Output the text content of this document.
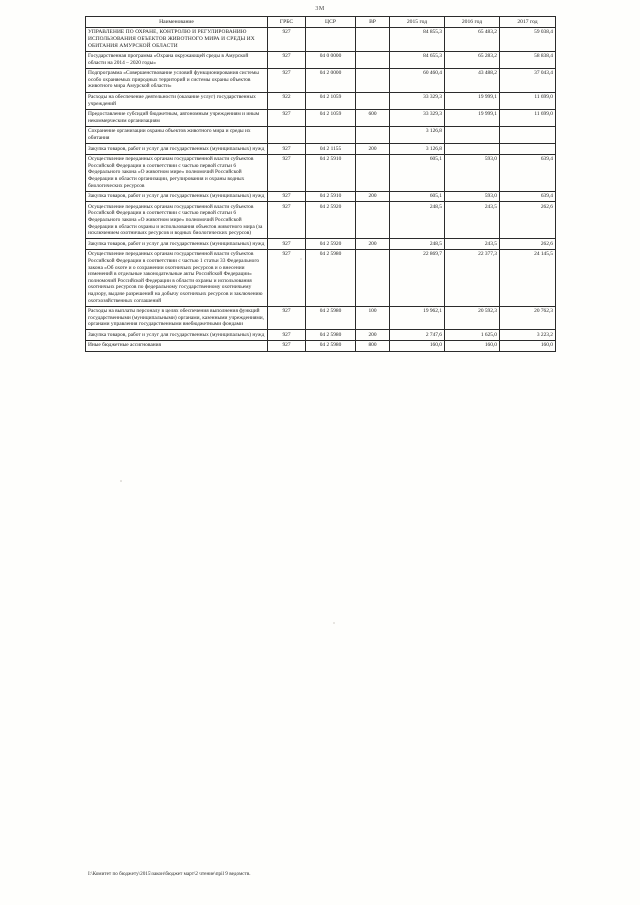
3M
Наименование	ГРБС	ЦСР	ВР	2015 год	2016 год	2017 год
УПРАВЛЕНИЕ ПО ОХРАНЕ, КОНТРОЛЮ И РЕГУЛИРОВАНИЮ ИСПОЛЬЗОВАНИЯ ОБЪЕКТОВ ЖИВОТНОГО МИРА И СРЕДЫ ИХ ОБИТАНИЯ АМУРСКОЙ ОБЛАСТИ	927			84 855,3	65 483,2	59 038,4
Государственная программа «Охрана окружающей среды в Амурской области на 2014 – 2020 годы»	927	04 0 0000		84 655,3	65 283,2	58 838,4
Подпрограмма «Совершенствование условий функционирования системы особо охраняемых природных территорий и системы охраны объектов животного мира Амурской области»	927	04 2 0000		60 460,4	43 488,2	37 043,4
Расходы на обеспечение деятельности (оказание услуг) государственных учреждений	922	04 2 1059		33 329,3	19 999,1	11 699,0
Предоставление субсидий бюджетным, автономным учреждениям и иным некоммерческим организациям	927	04 2 1059	600	33 329,3	19 999,1	11 699,0
Сохранение организации охраны объектов животного мира и среды их обитания				3 126,8		
Закупка товаров, работ и услуг для государственных (муниципальных) нужд	927	04 2 1155	200	3 126,8		
Осуществление переданных органам государственной власти субъектов Российской Федерации в соответствии с частью первой статьи 6 Федерального закона «О животном мире» полномочий Российской Федерации в области организации, регулирования и охраны водных биологических ресурсов	927	04 2 5910		605,1	593,0	639,4
Закупка товаров, работ и услуг для государственных (муниципальных) нужд	927	04 2 5910	200	605,1	593,0	639,4
Осуществление переданных органам государственной власти субъектов Российской Федерации в соответствии с частью первой статьи 6 Федерального закона «О животном мире» полномочий Российской Федерации в области охраны и использования объектов животного мира (за исключением охотничьих ресурсов и водных биологических ресурсов)	927	04 2 5920		248,5	243,5	262,6
Закупка товаров, работ и услуг для государственных (муниципальных) нужд	927	04 2 5920	200	248,5	243,5	262,6
Осуществление переданных органам государственной власти субъектов Российской Федерации в соответствии с частью 1 статьи 33 Федерального закона «Об охоте и о сохранении охотничьих ресурсов и о внесении изменений в отдельные законодательные акты Российской Федерации» полномочий Российской Федерации в области охраны и использования охотничьих ресурсов по федеральному государственному охотничьему надзору, выдаче разрешений на добычу охотничьих ресурсов и заключению охотхозяйственных соглашений	927	04 2 5980		22 869,7	22 377,3	24 145,5
Расходы на выплаты персоналу в целях обеспечения выполнения функций государственными (муниципальными) органами, казенными учреждениями, органами управления государственными внебюджетными фондами	927	04 2 5980	100	19 962,1	20 592,3	20 762,3
Закупка товаров, работ и услуг для государственных (муниципальных) нужд	927	04 2 5980	200	2 747,6	1 625,0	3 223,2
Иные бюджетные ассигнования	927	04 2 5980	800	160,0	160,0	160,0
I:\Комитет по бюджету\2015\закон\бюджет март\2 чтение\прil 9 ведомств.
